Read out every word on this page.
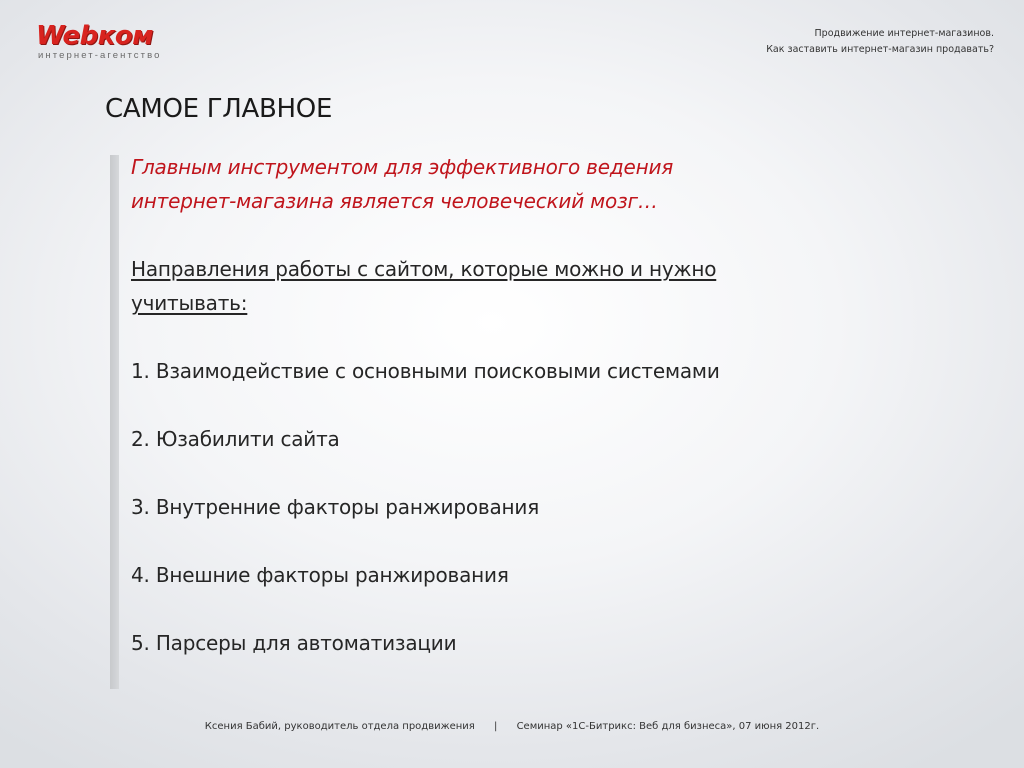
Webком
интернет-агентство
Продвижение интернет-магазинов.
Как заставить интернет-магазин продавать?
САМОЕ ГЛАВНОЕ
Главным инструментом для эффективного ведения
интернет-магазина является человеческий мозг…
Направления работы с сайтом, которые можно и нужно
учитывать:
1. Взаимодействие с основными поисковыми системами
2. Юзабилити сайта
3. Внутренние факторы ранжирования
4. Внешние факторы ранжирования
5. Парсеры для автоматизации
Ксения Бабий, руководитель отдела продвижения | Семинар «1С-Битрикс: Веб для бизнеса», 07 июня 2012г.
